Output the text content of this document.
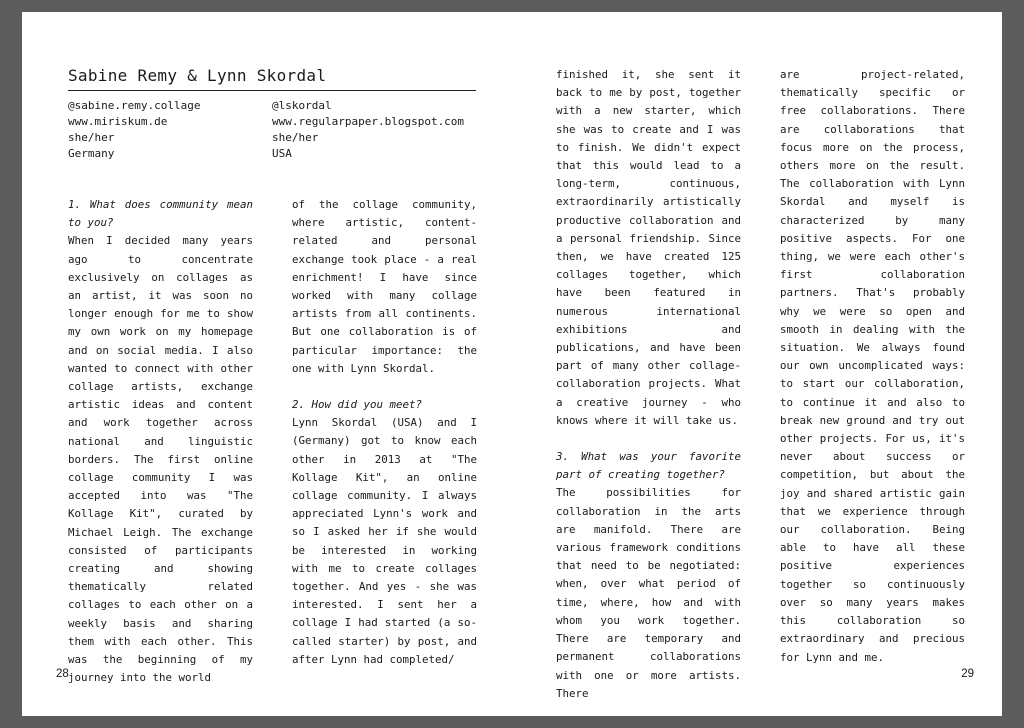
Sabine Remy & Lynn Skordal
@sabine.remy.collage
www.miriskum.de
she/her
Germany
@lskordal
www.regularpaper.blogspot.com
she/her
USA

1. What does community mean to you?

When I decided many years ago to concentrate exclusively on collages as an artist, it was soon no longer enough for me to show my own work on my homepage and on social media. I also wanted to connect with other collage artists, exchange artistic ideas and content and work together across national and linguistic borders. The first online collage community I was accepted into was "The Kollage Kit", curated by Michael Leigh. The exchange consisted of participants creating and showing thematically related collages to each other on a weekly basis and sharing them with each other. This was the beginning of my journey into the world

of the collage community, where artistic, content-related and personal exchange took place - a real enrichment! I have since worked with many collage artists from all continents. But one collaboration is of particular importance: the one with Lynn Skordal.

2. How did you meet?

Lynn Skordal (USA) and I (Germany) got to know each other in 2013 at "The Kollage Kit", an online collage community. I always appreciated Lynn's work and so I asked her if she would be interested in working with me to create collages together. And yes - she was interested. I sent her a collage I had started (a so-called starter) by post, and after Lynn had completed/

28

finished it, she sent it back to me by post, together with a new starter, which she was to create and I was to finish. We didn't expect that this would lead to a long-term, continuous, extraordinarily artistically productive collaboration and a personal friendship. Since then, we have created 125 collages together, which have been featured in numerous international exhibitions and publications, and have been part of many other collage-collaboration projects. What a creative journey - who knows where it will take us.

3. What was your favorite part of creating together?

The possibilities for collaboration in the arts are manifold. There are various framework conditions that need to be negotiated: when, over what period of time, where, how and with whom you work together. There are temporary and permanent collaborations with one or more artists. There

are project-related, thematically specific or free collaborations. There are collaborations that focus more on the process, others more on the result. The collaboration with Lynn Skordal and myself is characterized by many positive aspects. For one thing, we were each other's first collaboration partners. That's probably why we were so open and smooth in dealing with the situation. We always found our own uncomplicated ways: to start our collaboration, to continue it and also to break new ground and try out other projects. For us, it's never about success or competition, but about the joy and shared artistic gain that we experience through our collaboration. Being able to have all these positive experiences together so continuously over so many years makes this collaboration so extraordinary and precious for Lynn and me.

29
